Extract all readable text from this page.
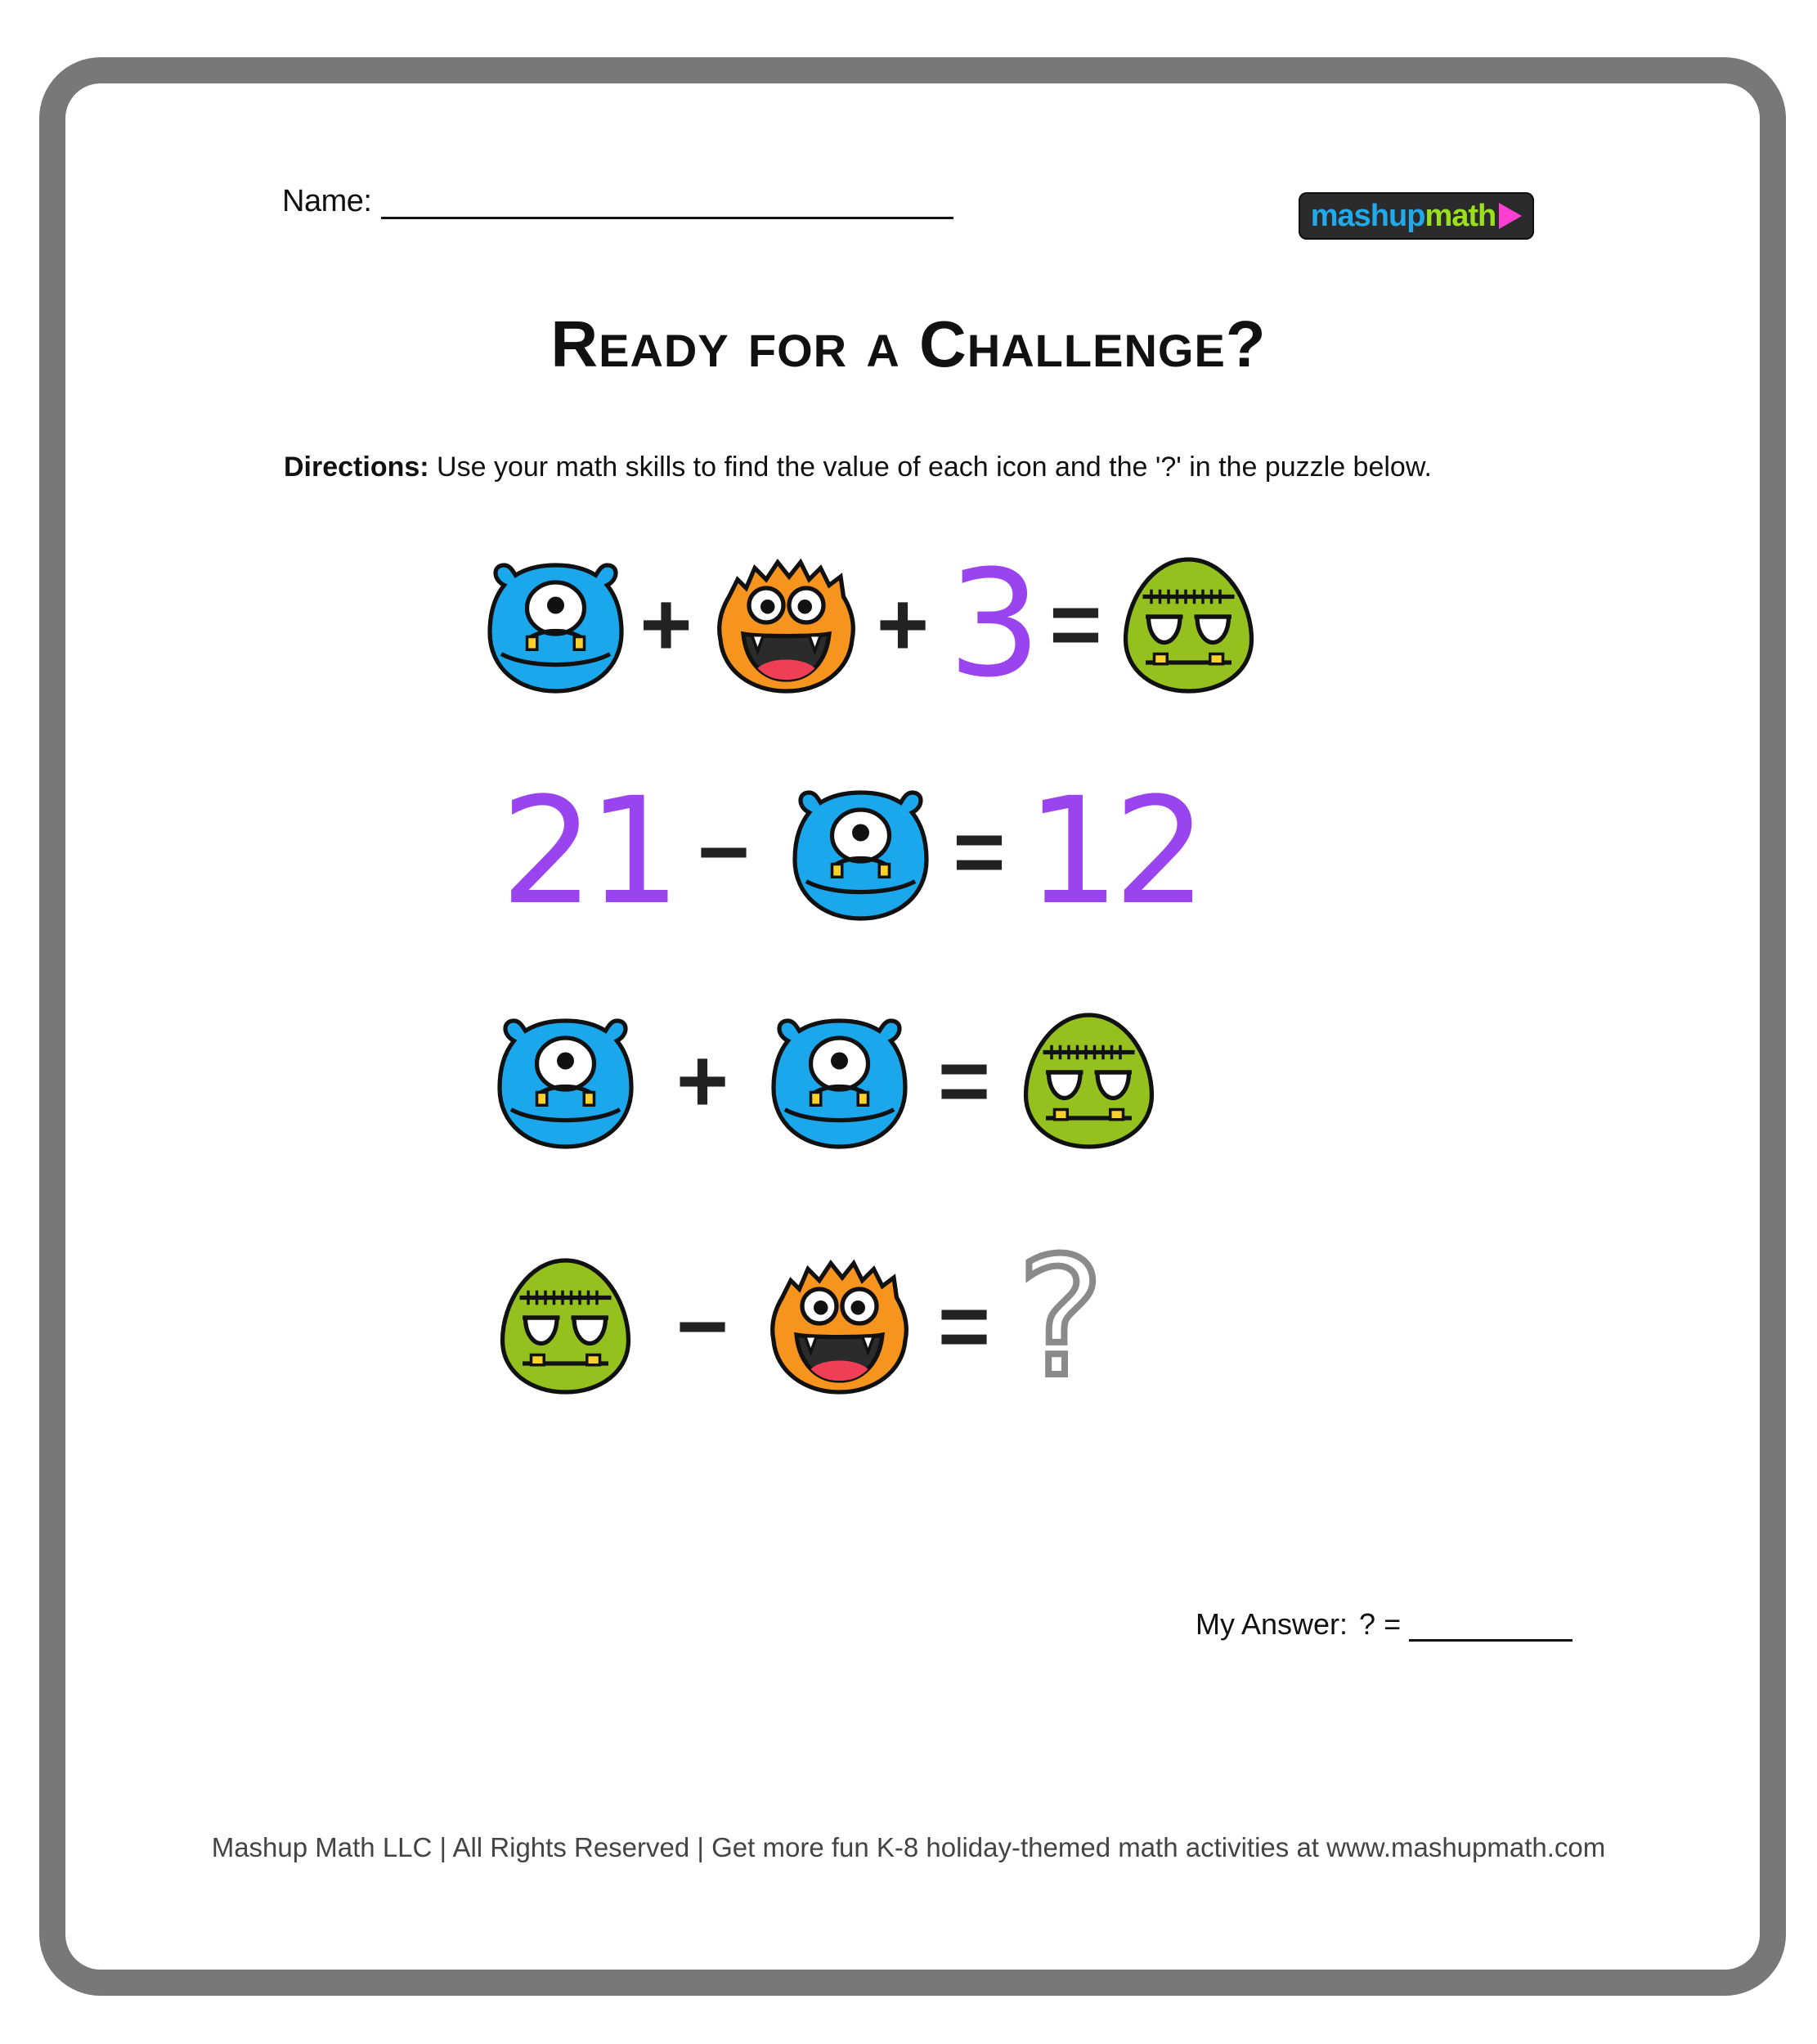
Name:	mashup math
Ready for a Challenge?
Directions: Use your math skills to find the value of each icon and the '?' in the puzzle below.
+ + 3 =
21 − = 12
+	=
−	= ?
My Answer: ? =
Mashup Math LLC | All Rights Reserved | Get more fun K-8 holiday-themed math activities at www.mashupmath.com
